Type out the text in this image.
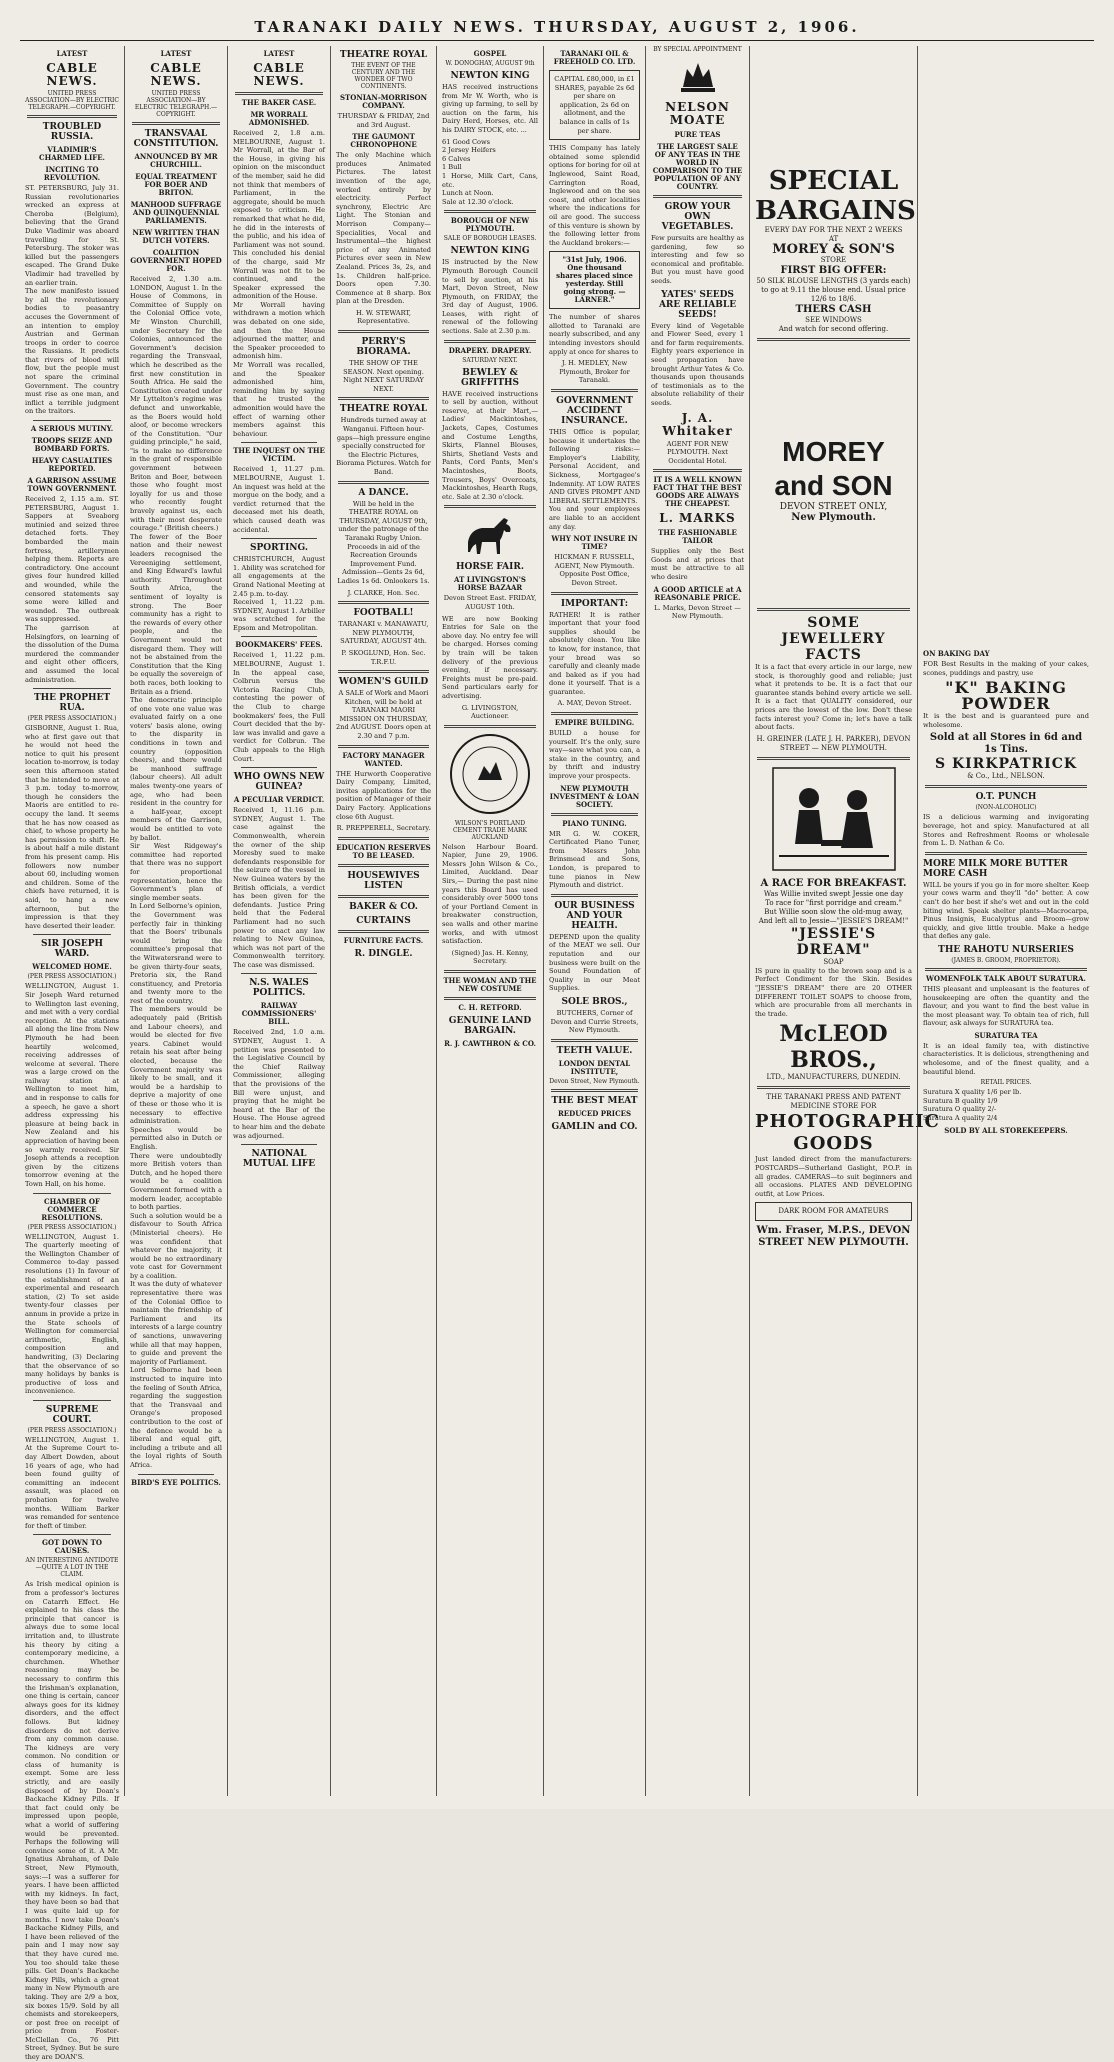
TARANAKI DAILY NEWS. THURSDAY, AUGUST 2, 1906.
LATEST
CABLE NEWS.
UNITED PRESS ASSOCIATION—BY ELECTRIC TELEGRAPH.—COPYRIGHT.
TROUBLED RUSSIA.
VLADIMIR'S CHARMED LIFE.
INCITING TO REVOLUTION.
ST. PETERSBURG, July 31. Russian revolutionaries wrecked an express at Cheroba (Belgium), believing that the Grand Duke Vladimir was aboard travelling for St. Petersburg. The stoker was killed but the passengers escaped. The Grand Duke Vladimir had travelled by an earlier train.
The new manifesto issued by all the revolutionary bodies to peasantry accuses the Government of an intention to employ Austrian and German troops in order to coerce the Russians. It predicts that rivers of blood will flow, but the people must not spare the criminal Government. The country must rise as one man, and inflict a terrible judgment on the traitors.
A SERIOUS MUTINY.
TROOPS SEIZE AND BOMBARD FORTS.
HEAVY CASUALTIES REPORTED.
A GARRISON ASSUME TOWN GOVERNMENT.
Received 2, 1.15 a.m. ST. PETERSBURG, August 1. Sappers at Sveaborg mutinied and seized three detached forts. They bombarded the main fortress, artillerymen helping them. Reports are contradictory. One account gives four hundred killed and wounded, while the censored statements say some were killed and wounded. The outbreak was suppressed.
The garrison at Helsingfors, on learning of the dissolution of the Duma murdered the commander and eight other officers, and assumed the local administration.
THE PROPHET RUA.
(PER PRESS ASSOCIATION.)
GISBORNE, August 1. Rua, who at first gave out that he would not heed the notice to quit his present location to-morrow, is today seen this afternoon stated that he intended to move at 3 p.m. today to-morrow, though he considers the Maoris are entitled to re-occupy the land. It seems that he has now ceased as chief, to whose property he has permission to shift. He is about half a mile distant from his present camp. His followers now number about 60, including women and children. Some of the chiefs have returned, it is said, to hang a new afternoon, but the impression is that they have deserted their leader.
SIR JOSEPH WARD.
WELCOMED HOME.
(PER PRESS ASSOCIATION.)
WELLINGTON, August 1. Sir Joseph Ward returned to Wellington last evening, and met with a very cordial reception. At the stations all along the line from New Plymouth he had been heartily welcomed, receiving addresses of welcome at several. There was a large crowd on the railway station at Wellington to meet him, and in response to calls for a speech, he gave a short address expressing his pleasure at being back in New Zealand and his appreciation of having been so warmly received. Sir Joseph attends a reception given by the citizens tomorrow evening at the Town Hall, on his home.
CHAMBER OF COMMERCE RESOLUTIONS.
(PER PRESS ASSOCIATION.)
WELLINGTON, August 1. The quarterly meeting of the Wellington Chamber of Commerce to-day passed resolutions (1) In favour of the establishment of an experimental and research station, (2) To set aside twenty-four classes per annum in provide a prize in the State schools of Wellington for commercial arithmetic, English, composition and handwriting, (3) Declaring that the observance of so many holidays by banks is productive of loss and inconvenience.
SUPREME COURT.
(PER PRESS ASSOCIATION.)
WELLINGTON, August 1. At the Supreme Court to-day Albert Dowden, about 16 years of age, who had been found guilty of committing an indecent assault, was placed on probation for twelve months. William Barker was remanded for sentence for theft of timber.
GOT DOWN TO CAUSES.
AN INTERESTING ANTIDOTE—QUITE A LOT IN THE CLAIM.
As Irish medical opinion is from a professor's lectures on Catarrh Effect. He explained to his class the principle that cancer is always due to some local irritation and, to illustrate his theory by citing a contemporary medicine, a churchmen. Whether reasoning may be necessary to confirm this the Irishman's explanation, one thing is certain, cancer always goes for its kidney disorders, and the effect follows. But kidney disorders do not derive from any common cause. The kidneys are very common. No condition or class of humanity is exempt. Some are less strictly, and are easily disposed of by Doan's Backache Kidney Pills. If that fact could only be impressed upon people, what a world of suffering would be prevented. Perhaps the following will convince some of it. A Mr. Ignatius Abraham, of Dale Street, New Plymouth, says:—I was a sufferer for years. I have been afflicted with my kidneys. In fact, they have been so bad that I was quite laid up for months. I now take Doan's Backache Kidney Pills, and I have been relieved of the pain and I may now say that they have cured me. You too should take these pills. Get Doan's Backache Kidney Pills, which a great many in New Plymouth are taking. They are 2/9 a box, six boxes 15/9. Sold by all chemists and storekeepers, or post free on receipt of price from Foster-McClellan Co., 76 Pitt Street, Sydney. But be sure they are DOAN'S.
LATEST
CABLE NEWS.
UNITED PRESS ASSOCIATION—BY ELECTRIC TELEGRAPH.—COPYRIGHT.
TRANSVAAL CONSTITUTION.
ANNOUNCED BY MR CHURCHILL.
EQUAL TREATMENT FOR BOER AND BRITON.
MANHOOD SUFFRAGE AND QUINQUENNIAL PARLIAMENTS.
NEW WRITTEN THAN DUTCH VOTERS.
COALITION GOVERNMENT HOPED FOR.
Received 2, 1.30 a.m. LONDON, August 1. In the House of Commons, in Committee of Supply on the Colonial Office vote, Mr Winston Churchill, under Secretary for the Colonies, announced the Government's decision regarding the Transvaal, which he described as the first new constitution in South Africa. He said the Constitution created under Mr Lyttelton's regime was defunct and unworkable, as the Boers would hold aloof, or become wreckers of the Constitution. "Our guiding principle," he said, "is to make no difference in the grant of responsible government between Briton and Boer, between those who fought most loyally for us and those who recently fought bravely against us, each with their most desperate courage." (British cheers.)
The fewer of the Boer nation and their newest leaders recognised the Vereeniging settlement, and King Edward's lawful authority. Throughout South Africa, the sentiment of loyalty is strong. The Boer community has a right to the rewards of every other people, and the Government would not disregard them. They will not be abstained from the Constitution that the King be equally the sovereign of both races, both looking to Britain as a friend.
The democratic principle of one vote one value was evaluated fairly on a one voters' basis alone, owing to the disparity in conditions in town and country (opposition cheers), and there would be manhood suffrage (labour cheers). All adult males twenty-one years of age, who had been resident in the country for a half-year, except members of the Garrison, would be entitled to vote by ballot.
Sir West Ridgeway's committee had reported that there was no support for proportional representation, hence the Government's plan of single member seats.
In Lord Selborne's opinion, the Government was perfectly fair in thinking that the Boers' tribunals would bring the committee's proposal that the Witwatersrand were to be given thirty-four seats, Pretoria six, the Rand constituency, and Pretoria and twenty more to the rest of the country.
The members would be adequately paid (British and Labour cheers), and would be elected for five years. Cabinet would retain his seat after being elected, because the Government majority was likely to be small, and it would be a hardship to deprive a majority of one of these or those who it is necessary to effective administration.
Speeches would be permitted also in Dutch or English.
There were undoubtedly more British voters than Dutch, and he hoped there would be a coalition Government formed with a modern leader, acceptable to both parties.
Such a solution would be a disfavour to South Africa (Ministerial cheers). He was confident that whatever the majority, it would be no extraordinary vote cast for Government by a coalition.
It was the duty of whatever representative there was of the Colonial Office to maintain the friendship of Parliament and its interests of a large country of sanctions, unwavering while all that may happen, to guide and prevent the majority of Parliament.
Lord Selborne had been instructed to inquire into the feeling of South Africa, regarding the suggestion that the Transvaal and Orange's proposed contribution to the cost of the defence would be a liberal and equal gift, including a tribute and all the loyal rights of South Africa.
BIRD'S EYE POLITICS.
LATEST
CABLE NEWS.
THE BAKER CASE.
MR WORRALL ADMONISHED.
Received 2, 1.8 a.m. MELBOURNE, August 1. Mr Worrall, at the Bar of the House, in giving his opinion on the misconduct of the member, said he did not think that members of Parliament, in the aggregate, should be much exposed to criticism. He remarked that what he did, he did in the interests of the public, and his idea of Parliament was not sound. This concluded his denial of the charge, said Mr Worrall was not fit to be continued, and the Speaker expressed the admonition of the House.
Mr Worrall having withdrawn a motion which was debated on one side, and then the House adjourned the matter, and the Speaker proceeded to admonish him.
Mr Worrall was recalled, and the Speaker admonished him, reminding him by saying that he trusted the admonition would have the effect of warning other members against this behaviour.
THE INQUEST ON THE VICTIM.
Received 1, 11.27 p.m. MELBOURNE, August 1. An inquest was held at the morgue on the body, and a verdict returned that the deceased met his death, which caused death was accidental.
SPORTING.
CHRISTCHURCH, August 1. Ability was scratched for all engagements at the Grand National Meeting at 2.45 p.m. to-day.
Received 1, 11.22 p.m. SYDNEY, August 1. Arbiller was scratched for the Epsom and Metropolitan.
BOOKMAKERS' FEES.
Received 1, 11.22 p.m. MELBOURNE, August 1. In the appeal case, Colbrun versus the Victoria Racing Club, contesting the power of the Club to charge bookmakers' fees, the Full Court decided that the by-law was invalid and gave a verdict for Colbrun. The Club appeals to the High Court.
WHO OWNS NEW GUINEA?
A PECULIAR VERDICT.
Received 1, 11.16 p.m. SYDNEY, August 1. The case against the Commonwealth, wherein the owner of the ship Moresby sued to make defendants responsible for the seizure of the vessel in New Guinea waters by the British officials, a verdict has been given for the defendants. Justice Pring held that the Federal Parliament had no such power to enact any law relating to New Guinea, which was not part of the Commonwealth territory. The case was dismissed.
N.S. WALES POLITICS.
RAILWAY COMMISSIONERS' BILL.
Received 2nd, 1.0 a.m. SYDNEY, August 1. A petition was presented to the Legislative Council by the Chief Railway Commissioner, alleging that the provisions of the Bill were unjust, and praying that he might be heard at the Bar of the House. The House agreed to hear him and the debate was adjourned.
NATIONAL MUTUAL LIFE
THEATRE ROYAL
THE EVENT OF THE CENTURY AND THE WONDER OF TWO CONTINENTS.
STONIAN-MORRISON COMPANY.
THURSDAY & FRIDAY, 2nd and 3rd August.
THE GAUMONT CHRONOPHONE
The only Machine which produces Animated Pictures. The latest invention of the age, worked entirely by electricity. Perfect synchrony, Electric Arc Light. The Stonian and Morrison Company—Specialities, Vocal and Instrumental—the highest price of any Animated Pictures ever seen in New Zealand. Prices 3s, 2s, and 1s. Children half-price. Doors open 7.30. Commence at 8 sharp. Box plan at the Dresden.
H. W. STEWART, Representative.
PERRY'S BIORAMA.
THE SHOW OF THE SEASON. Next opening. Night NEXT SATURDAY NEXT.
THEATRE ROYAL
Hundreds turned away at Wanganui. Fifteen hour-gaps—high pressure engine specially constructed for the Electric Pictures, Biorama Pictures. Watch for Band.
A DANCE.
Will be held in the THEATRE ROYAL on THURSDAY, AUGUST 9th, under the patronage of the Taranaki Rugby Union. Proceeds in aid of the Recreation Grounds Improvement Fund. Admission—Gents 2s 6d, Ladies 1s 6d. Onlookers 1s.
J. CLARKE, Hon. Sec.
FOOTBALL!
TARANAKI v. MANAWATU, NEW PLYMOUTH, SATURDAY, AUGUST 4th.
P. SKOGLUND, Hon. Sec. T.R.F.U.
WOMEN'S GUILD
A SALE of Work and Maori Kitchen, will be held at TARANAKI MAORI MISSION ON THURSDAY, 2nd AUGUST. Doors open at 2.30 and 7 p.m.
FACTORY MANAGER WANTED.
THE Hurworth Cooperative Dairy Company, Limited, invites applications for the position of Manager of their Dairy Factory. Applications close 6th August.
R. PREPPERELL, Secretary.
EDUCATION RESERVES TO BE LEASED.
HOUSEWIVES LISTEN
BAKER & CO.
CURTAINS
FURNITURE FACTS.
R. DINGLE.
GOSPEL
W. DONOGHAY, AUGUST 9th
NEWTON KING
HAS received instructions from Mr W. Worth, who is giving up farming, to sell by auction on the farm, his Dairy Herd, Horses, etc. All his DAIRY STOCK, etc. ...
61 Good Cows
2 Jersey Heifers
6 Calves
1 Bull
1 Horse, Milk Cart, Cans, etc.
Lunch at Noon.
Sale at 12.30 o'clock.
BOROUGH OF NEW PLYMOUTH.
SALE OF BOROUGH LEASES.
NEWTON KING
IS instructed by the New Plymouth Borough Council to sell by auction, at his Mart, Devon Street, New Plymouth, on FRIDAY, the 3rd day of August, 1906. Leases, with right of renewal of the following sections. Sale at 2.30 p.m.
DRAPERY. DRAPERY.
SATURDAY NEXT.
BEWLEY & GRIFFITHS
HAVE received instructions to sell by auction, without reserve, at their Mart,— Ladies' Mackintoshes, Jackets, Capes, Costumes and Costume Lengths, Skirts, Flannel Blouses, Shirts, Shetland Vests and Pants, Cord Pants, Men's Macintoshes, Boots, Trousers, Boys' Overcoats, Mackintoshes, Hearth Rugs, etc. Sale at 2.30 o'clock.
HORSE FAIR.
AT LIVINGSTON'S HORSE BAZAAR
Devon Street East. FRIDAY, AUGUST 10th.
WE are now Booking Entries for Sale on the above day. No entry fee will be charged. Horses coming by train will be taken delivery of the previous evening, if necessary. Freights must be pre-paid. Send particulars early for advertising.
G. LIVINGSTON, Auctioneer.
WILSON'S PORTLAND CEMENT TRADE MARK AUCKLAND
Nelson Harbour Board. Napier, June 29, 1906. Messrs John Wilson & Co., Limited, Auckland. Dear Sirs,— During the past nine years this Board has used considerably over 5000 tons of your Portland Cement in breakwater construction, sea walls and other marine works, and with utmost satisfaction.
(Signed) Jas. H. Kenny, Secretary.
THE WOMAN AND THE NEW COSTUME
C. H. RETFORD.
GENUINE LAND BARGAIN.
R. J. CAWTHRON & CO.
TARANAKI OIL & FREEHOLD CO. LTD.
CAPITAL £80,000, in £1 SHARES, payable 2s 6d per share on application, 2s 6d on allotment, and the balance in calls of 1s per share.
THIS Company has lately obtained some splendid options for boring for oil at Inglewood, Saint Road, Carrington Road, Inglewood and on the sea coast, and other localities where the indications for oil are good. The success of this venture is shown by the following letter from the Auckland brokers:—
"31st July, 1906. One thousand shares placed since yesterday. Still going strong. —LARNER."
The number of shares allotted to Taranaki are nearly subscribed, and any intending investors should apply at once for shares to
J. H. MEDLEY, New Plymouth, Broker for Taranaki.
GOVERNMENT ACCIDENT INSURANCE.
THIS Office is popular, because it undertakes the following risks:— Employer's Liability, Personal Accident, and Sickness, Mortgagee's Indemnity. AT LOW RATES AND GIVES PROMPT AND LIBERAL SETTLEMENTS.
You and your employees are liable to an accident any day.
WHY NOT INSURE IN TIME?
HICKMAN F. RUSSELL, AGENT, New Plymouth. Opposite Post Office, Devon Street.
IMPORTANT:
RATHER! It is rather important that your food supplies should be absolutely clean. You like to know, for instance, that your bread was so carefully and cleanly made and baked as if you had done it yourself. That is a guarantee.
A. MAY, Devon Street.
EMPIRE BUILDING.
BUILD a house for yourself. It's the only, sure way—save what you can, a stake in the country, and by thrift and industry improve your prospects.
NEW PLYMOUTH INVESTMENT & LOAN SOCIETY.
PIANO TUNING.
MR G. W. COKER, Certificated Piano Tuner, from Messrs John Brinsmead and Sons, London, is prepared to tune pianos in New Plymouth and district.
OUR BUSINESS AND YOUR HEALTH.
DEPEND upon the quality of the MEAT we sell. Our reputation and our business were built on the Sound Foundation of Quality in our Meat Supplies.
SOLE BROS.,
BUTCHERS, Corner of Devon and Currie Streets, New Plymouth.
TEETH VALUE.
LONDON DENTAL INSTITUTE,
Devon Street, New Plymouth.
THE BEST MEAT
REDUCED PRICES
GAMLIN and CO.
BY SPECIAL APPOINTMENT
NELSON MOATE
PURE TEAS
THE LARGEST SALE OF ANY TEAS IN THE WORLD IN COMPARISON TO THE POPULATION OF ANY COUNTRY.
GROW YOUR OWN VEGETABLES.
Few pursuits are healthy as gardening, few so interesting and few so economical and profitable. But you must have good seeds.
YATES' SEEDS ARE RELIABLE SEEDS!
Every kind of Vegetable and Flower Seed, every 1 and for farm requirements. Eighty years experience in seed propagation have brought Arthur Yates & Co. thousands upon thousands of testimonials as to the absolute reliability of their seeds.
J. A. Whitaker
AGENT FOR NEW PLYMOUTH. Next Occidental Hotel.
IT IS A WELL KNOWN FACT THAT THE BEST GOODS ARE ALWAYS THE CHEAPEST.
L. MARKS
THE FASHIONABLE TAILOR
Supplies only the Best Goods and at prices that must be attractive to all who desire
A GOOD ARTICLE at A REASONABLE PRICE.
L. Marks, Devon Street — New Plymouth.
SPECIAL BARGAINS
EVERY DAY FOR THE NEXT 2 WEEKS
AT
MOREY & SON'S
STORE
FIRST BIG OFFER:
50 SILK BLOUSE LENGTHS (3 yards each) to go at 9.11 the blouse end. Usual price 12/6 to 18/6.
THERS CASH
SEE WINDOWS
And watch for second offering.
MOREY and SON
DEVON STREET ONLY,
New Plymouth.
SOME JEWELLERY FACTS
It is a fact that every article in our large, new stock, is thoroughly good and reliable; just what it pretends to be. It is a fact that our guarantee stands behind every article we sell. It is a fact that QUALITY considered, our prices are the lowest of the low. Don't these facts interest you? Come in; let's have a talk about facts.
H. GREINER (LATE J. H. PARKER), DEVON STREET — NEW PLYMOUTH.
A RACE FOR BREAKFAST.
Was Willie invited swept Jessie one day
To race for "first porridge and cream."
But Willie soon slow the old-mug away,
And left all to Jessie—"JESSIE'S DREAM!"
"JESSIE'S DREAM"
SOAP
IS pure in quality to the brown soap and is a Perfect Condiment for the Skin. Besides "JESSIE'S DREAM" there are 20 OTHER DIFFERENT TOILET SOAPS to choose from, which are procurable from all merchants in the trade.
McLEOD BROS.,
LTD., MANUFACTURERS, DUNEDIN.
THE TARANAKI PRESS AND PATENT MEDICINE STORE FOR
PHOTOGRAPHIC GOODS
Just landed direct from the manufacturers: POSTCARDS—Sutherland Gaslight, P.O.P. in all grades. CAMERAS—to suit beginners and all occasions. PLATES AND DEVELOPING outfit, at Low Prices.
DARK ROOM FOR AMATEURS
Wm. Fraser, M.P.S., DEVON STREET NEW PLYMOUTH.
ON BAKING DAY
FOR Best Results in the making of your cakes, scones, puddings and pastry, use
"K" BAKING POWDER
It is the best and is guaranteed pure and wholesome.
Sold at all Stores in 6d and 1s Tins.
S KIRKPATRICK
& Co., Ltd., NELSON.
O.T. PUNCH
(NON-ALCOHOLIC)
IS a delicious warming and invigorating beverage, hot and spicy. Manufactured at all Stores and Refreshment Rooms or wholesale from L. D. Nathan & Co.
MORE MILK MORE BUTTER MORE CASH
WILL be yours if you go in for more shelter. Keep your cows warm and they'll "do" better. A cow can't do her best if she's wet and out in the cold biting wind. Speak shelter plants—Macrocarpa, Pinus Insignis, Eucalyptus and Broom—grow quickly, and give little trouble. Make a hedge that defies any gale.
THE RAHOTU NURSERIES
(JAMES B. GROOM, PROPRIETOR).
WOMENFOLK TALK ABOUT SURATURA.
THIS pleasant and unpleasant is the features of housekeeping are often the quantity and the flavour, and you want to find the best value in the most pleasant way. To obtain tea of rich, full flavour, ask always for SURATURA tea.
SURATURA TEA
It is an ideal family tea, with distinctive characteristics. It is delicious, strengthening and wholesome, and of the finest quality, and a beautiful blend.
RETAIL PRICES.
Suratura X quality 1/6 per lb.
Suratura B quality 1/9
Suratura O quality 2/-
Suratura A quality 2/4
SOLD BY ALL STOREKEEPERS.
